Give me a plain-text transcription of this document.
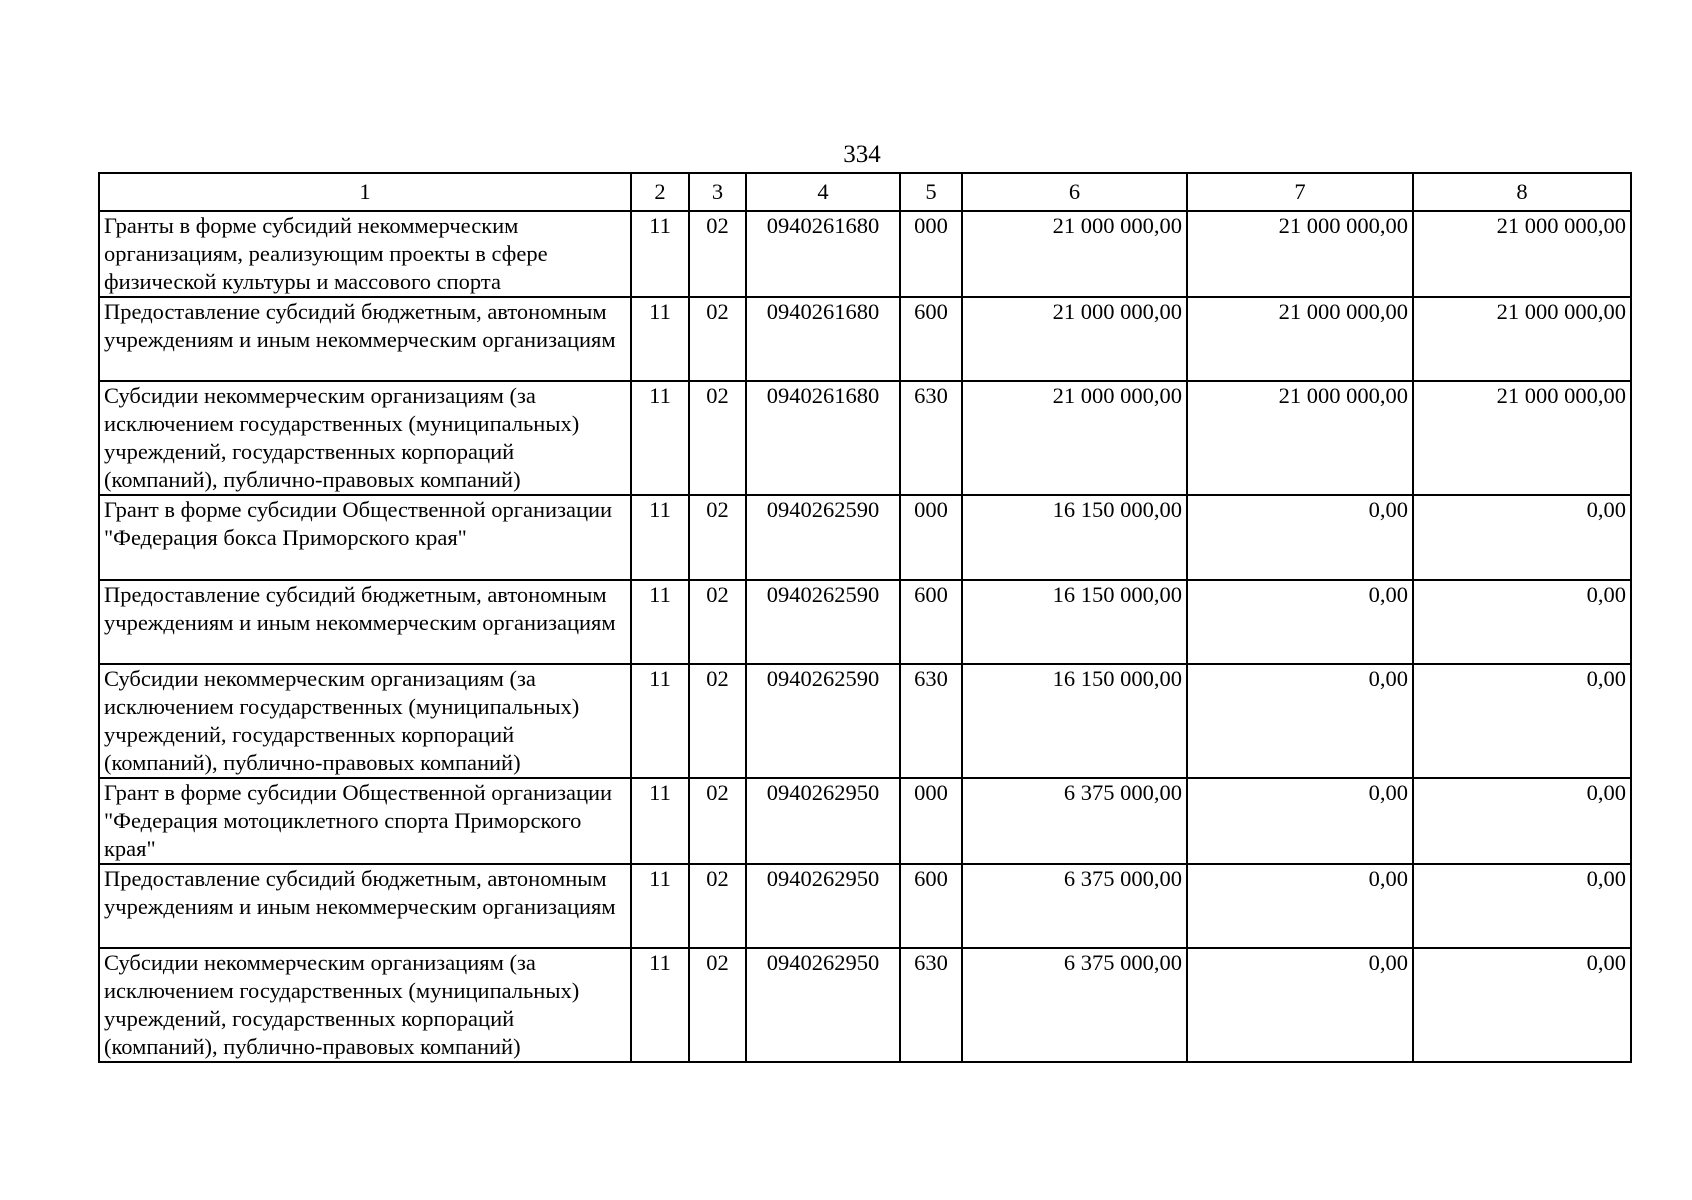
334
1	2	3	4	5	6	7	8
Гранты в форме субсидий некоммерческим организациям, реализующим проекты в сфере физической культуры и массового спорта	11	02	0940261680	000	21 000 000,00	21 000 000,00	21 000 000,00
Предоставление субсидий бюджетным, автономным учреждениям и иным некоммерческим организациям	11	02	0940261680	600	21 000 000,00	21 000 000,00	21 000 000,00
Субсидии некоммерческим организациям (за исключением государственных (муниципальных) учреждений, государственных корпораций (компаний), публично-правовых компаний)	11	02	0940261680	630	21 000 000,00	21 000 000,00	21 000 000,00
Грант в форме субсидии Общественной организации "Федерация бокса Приморского края"	11	02	0940262590	000	16 150 000,00	0,00	0,00
Предоставление субсидий бюджетным, автономным учреждениям и иным некоммерческим организациям	11	02	0940262590	600	16 150 000,00	0,00	0,00
Субсидии некоммерческим организациям (за исключением государственных (муниципальных) учреждений, государственных корпораций (компаний), публично-правовых компаний)	11	02	0940262590	630	16 150 000,00	0,00	0,00
Грант в форме субсидии Общественной организации "Федерация мотоциклетного спорта Приморского края"	11	02	0940262950	000	6 375 000,00	0,00	0,00
Предоставление субсидий бюджетным, автономным учреждениям и иным некоммерческим организациям	11	02	0940262950	600	6 375 000,00	0,00	0,00
Субсидии некоммерческим организациям (за исключением государственных (муниципальных) учреждений, государственных корпораций (компаний), публично-правовых компаний)	11	02	0940262950	630	6 375 000,00	0,00	0,00
